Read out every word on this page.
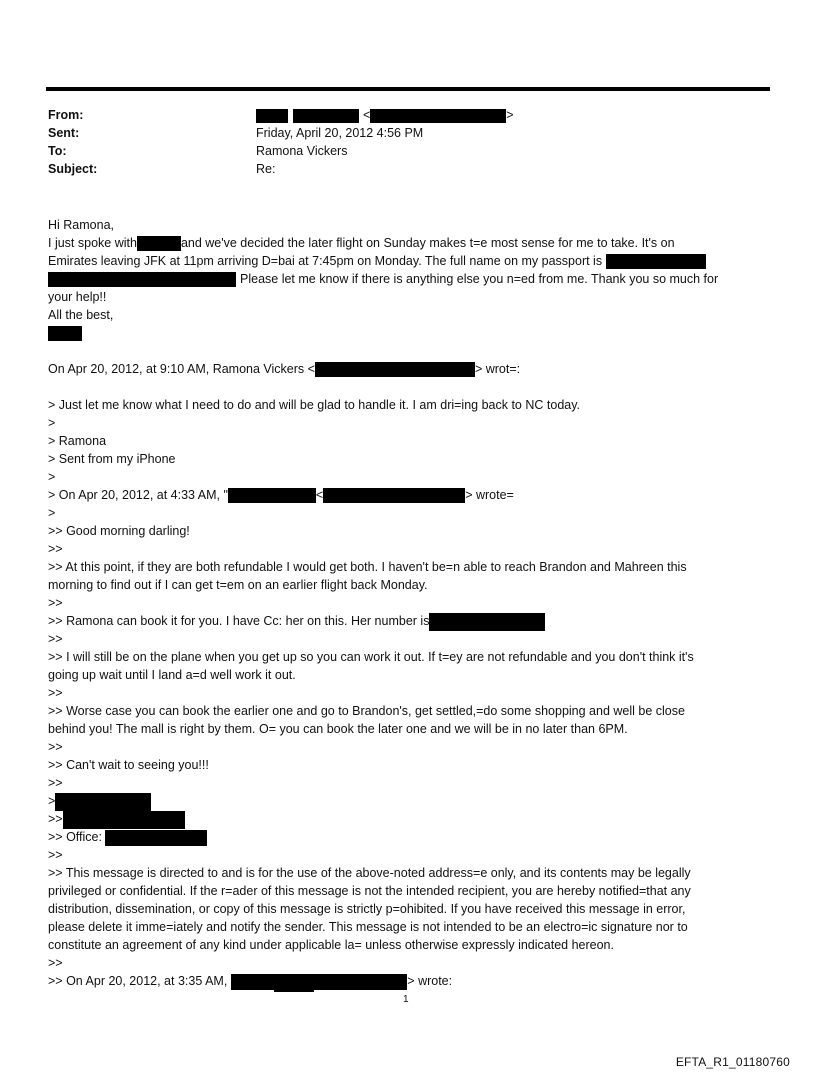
From:	<	>
Sent:	Friday, April 20, 2012 4:56 PM
To:	Ramona Vickers
Subject:	Re:
Hi Ramona,
I just spoke with	and we've decided the later flight on Sunday makes t=e most sense for me to take. It's on
Emirates leaving JFK at 11pm arriving D=bai at 7:45pm on Monday. The full name on my passport is
Please let me know if there is anything else you n=ed from me. Thank you so much for
your help!!
All the best,
On Apr 20, 2012, at 9:10 AM, Ramona Vickers <	> wrot=:
> Just let me know what I need to do and will be glad to handle it. I am dri=ing back to NC today.
>
> Ramona
> Sent from my iPhone
>
> On Apr 20, 2012, at 4:33 AM, "	<	> wrote=
>
>> Good morning darling!
>>
>> At this point, if they are both refundable I would get both. I haven't be=n able to reach Brandon and Mahreen this
morning to find out if I can get t=em on an earlier flight back Monday.
>>
>> Ramona can book it for you. I have Cc: her on this. Her number is
>>
>> I will still be on the plane when you get up so you can work it out. If t=ey are not refundable and you don't think it's
going up wait until I land a=d well work it out.
>>
>> Worse case you can book the earlier one and go to Brandon's, get settled,=do some shopping and well be close
behind you! The mall is right by them. O= you can book the later one and we will be in no later than 6PM.
>>
>> Can't wait to seeing you!!!
>>
>
>>
>> Office:
>>
>> This message is directed to and is for the use of the above-noted address=e only, and its contents may be legally
privileged or confidential. If the r=ader of this message is not the intended recipient, you are hereby notified=that any
distribution, dissemination, or copy of this message is strictly p=ohibited. If you have received this message in error,
please delete it imme=iately and notify the sender. This message is not intended to be an electro=ic signature nor to
constitute an agreement of any kind under applicable la= unless otherwise expressly indicated hereon.
>>
>> On Apr 20, 2012, at 3:35 AM,	> wrote:
1
EFTA_R1_01180760
